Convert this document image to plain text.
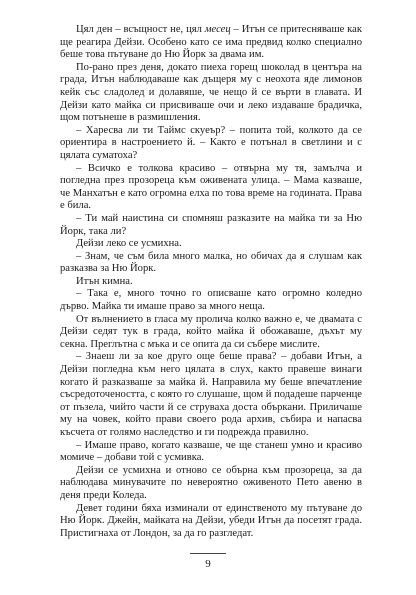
Цял ден – всъщност не, цял месец – Итън се притесняваше как ще реагира Дейзи. Особено като се има предвид колко специално беше това пътуване до Ню Йорк за двама им.

По-рано през деня, докато пиеха горещ шоколад в центъра на града, Итън наблюдаваше как дъщеря му с неохота яде лимонов кейк със сладолед и долавяше, че нещо й се върти в главата. И Дейзи като майка си присвиваше очи и леко издаваше брадичка, щом потънеше в размишления.

– Харесва ли ти Таймс скуеър? – попита той, колкото да се ориентира в настроението й. – Както е потънал в светлини и с цялата суматоха?

– Всичко е толкова красиво – отвърна му тя, замълча и погледна през прозореца към оживената улица. – Мама казваше, че Манхатън е като огромна елха по това време на годината. Права е била.

– Ти май наистина си спомняш разказите на майка ти за Ню Йорк, така ли?

Дейзи леко се усмихна.

– Знам, че съм била много малка, но обичах да я слушам как разказва за Ню Йорк.

Итън кимна.

– Така е, много точно го описваше като огромно коледно дърво. Майка ти имаше право за много неща.

От вълнението в гласа му пролича колко важно е, че двамата с Дейзи седят тук в града, който майка й обожаваше, дъхът му секна. Преглътна с мъка и се опита да си събере мислите.

– Знаеш ли за кое друго още беше права? – добави Итън, а Дейзи погледна към него цялата в слух, както правеше винаги когато й разказваше за майка й. Направила му беше впечатление съсредоточеността, с която го слушаше, щом й подадеше парченце от пъзела, чийто части й се струваха доста объркани. Приличаше му на човек, който прави своего рода архив, събира и напасва късчета от голямо наследство и ги подрежда правилно.

– Имаше право, когато казваше, че ще станеш умно и красиво момиче – добави той с усмивка.

Дейзи се усмихна и отново се обърна към прозореца, за да наблюдава минувачите по невероятно оживеното Пето авеню в деня преди Коледа.

Девет години бяха изминали от единственото му пътуване до Ню Йорк. Джейн, майката на Дейзи, убеди Итън да посетят града. Пристигнаха от Лондон, за да го разгледат.

9
